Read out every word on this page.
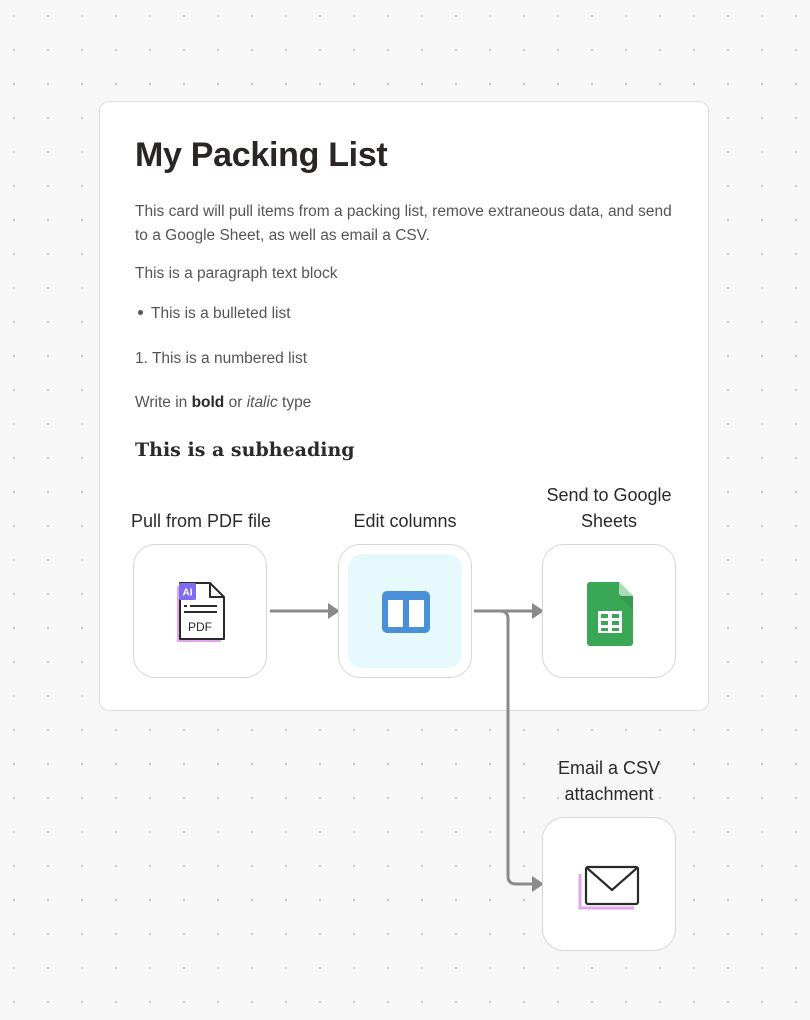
My Packing List

This card will pull items from a packing list, remove extraneous data, and send to a Google Sheet, as well as email a CSV.

This is a paragraph text block

This is a bulleted list

1. This is a numbered list

Write in bold or italic type

This is a subheading
Pull from PDF file
AI
PDF
Edit columns
Send to Google Sheets
Email a CSV attachment
